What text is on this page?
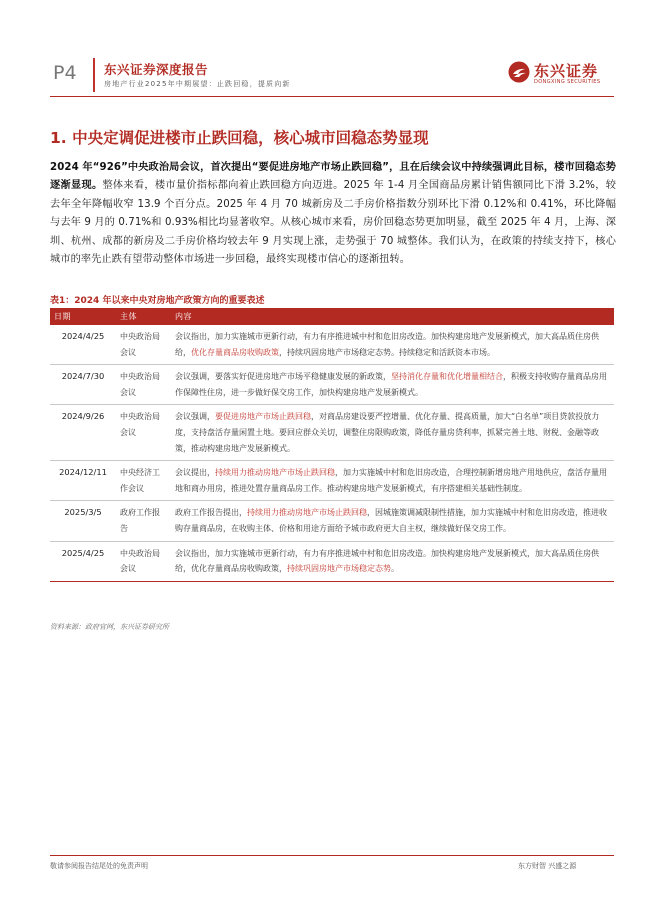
P4 东兴证券深度报告
房地产行业2025年中期展望：止跌回稳，提质向新
东兴证券
DONGXING SECURITIES
1. 中央定调促进楼市止跌回稳，核心城市回稳态势显现
2024 年“926”中央政治局会议，首次提出“要促进房地产市场止跌回稳”，且在后续会议中持续强调此目标，楼市回稳态势逐渐显现。整体来看，楼市量价指标都向着止跌回稳方向迈进。2025 年 1-4 月全国商品房累计销售额同比下滑 3.2%，较去年全年降幅收窄 13.9 个百分点。2025 年 4 月 70 城新房及二手房价格指数分别环比下滑 0.12%和 0.41%，环比降幅与去年 9 月的 0.71%和 0.93%相比均显著收窄。从核心城市来看，房价回稳态势更加明显，截至 2025 年 4 月，上海、深圳、杭州、成都的新房及二手房价格均较去年 9 月实现上涨，走势强于 70 城整体。我们认为，在政策的持续支持下，核心城市的率先止跌有望带动整体市场进一步回稳，最终实现楼市信心的逐渐扭转。
表1：2024 年以来中央对房地产政策方向的重要表述
日期	主体	内容
2024/4/25	中央政治局会议	会议指出，加力实施城市更新行动，有力有序推进城中村和危旧房改造。加快构建房地产发展新模式，加大高品质住房供给，优化存量商品房收购政策，持续巩固房地产市场稳定态势。持续稳定和活跃资本市场。
2024/7/30	中央政治局会议	会议强调，要落实好促进房地产市场平稳健康发展的新政策，坚持消化存量和优化增量相结合，积极支持收购存量商品房用作保障性住房，进一步做好保交房工作，加快构建房地产发展新模式。
2024/9/26	中央政治局会议	会议强调，要促进房地产市场止跌回稳，对商品房建设要严控增量、优化存量、提高质量，加大“白名单”项目贷款投放力度，支持盘活存量闲置土地。要回应群众关切，调整住房限购政策，降低存量房贷利率，抓紧完善土地、财税、金融等政策，推动构建房地产发展新模式。
2024/12/11	中央经济工作会议	会议提出，持续用力推动房地产市场止跌回稳，加力实施城中村和危旧房改造，合理控制新增房地产用地供应，盘活存量用地和商办用房，推进处置存量商品房工作。推动构建房地产发展新模式，有序搭建相关基础性制度。
2025/3/5	政府工作报告	政府工作报告提出，持续用力推动房地产市场止跌回稳，因城施策调减限制性措施，加力实施城中村和危旧房改造，推进收购存量商品房，在收购主体、价格和用途方面给予城市政府更大自主权，继续做好保交房工作。
2025/4/25	中央政治局会议	会议指出，加力实施城市更新行动，有力有序推进城中村和危旧房改造。加快构建房地产发展新模式，加大高品质住房供给，优化存量商品房收购政策，持续巩固房地产市场稳定态势。
资料来源：政府官网，东兴证券研究所
敬请参阅报告结尾处的免责声明	东方财智 兴盛之源
